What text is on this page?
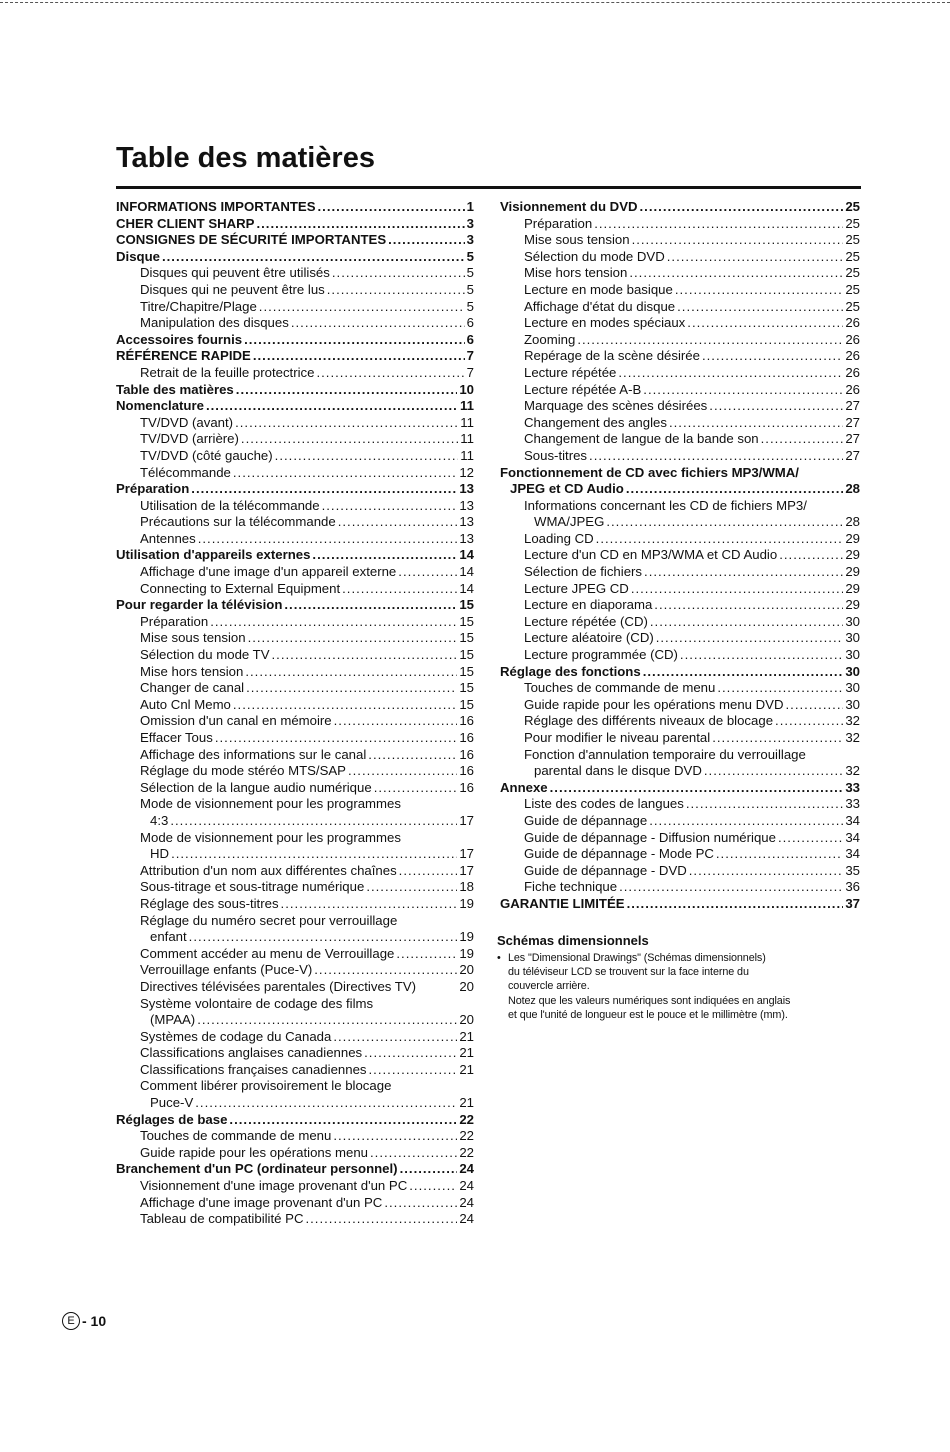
Table des matières
INFORMATIONS IMPORTANTES .....	1
CHER CLIENT SHARP .....	3
CONSIGNES DE SÉCURITÉ IMPORTANTES .....	3
Disque .....	5
Disques qui peuvent être utilisés .....	5
Disques qui ne peuvent être lus .....	5
Titre/Chapitre/Plage .....	5
Manipulation des disques .....	6
Accessoires fournis .....	6
RÉFÉRENCE RAPIDE .....	7
Retrait de la feuille protectrice .....	7
Table des matières .....	10
Nomenclature .....	11
TV/DVD (avant) .....	11
TV/DVD (arrière) .....	11
TV/DVD (côté gauche) .....	11
Télécommande .....	12
Préparation .....	13
Utilisation de la télécommande .....	13
Précautions sur la télécommande .....	13
Antennes .....	13
Utilisation d'appareils externes .....	14
Affichage d'une image d'un appareil externe .....	14
Connecting to External Equipment .....	14
Pour regarder la télévision .....	15
Préparation .....	15
Mise sous tension .....	15
Sélection du mode TV .....	15
Mise hors tension .....	15
Changer de canal .....	15
Auto Cnl Memo .....	15
Omission d'un canal en mémoire .....	16
Effacer Tous .....	16
Affichage des informations sur le canal .....	16
Réglage du mode stéréo MTS/SAP .....	16
Sélection de la langue audio numérique .....	16
Mode de visionnement pour les programmes
4:3 .....	17
Mode de visionnement pour les programmes
HD .....	17
Attribution d'un nom aux différentes chaînes .....	17
Sous-titrage et sous-titrage numérique .....	18
Réglage des sous-titres .....	19
Réglage du numéro secret pour verrouillage
enfant .....	19
Comment accéder au menu de Verrouillage .....	19
Verrouillage enfants (Puce-V) .....	20
Directives télévisées parentales (Directives TV)	20
Système volontaire de codage des films
(MPAA) .....	20
Systèmes de codage du Canada .....	21
Classifications anglaises canadiennes .....	21
Classifications françaises canadiennes .....	21
Comment libérer provisoirement le blocage
Puce-V .....	21
Réglages de base .....	22
Touches de commande de menu .....	22
Guide rapide pour les opérations menu .....	22
Branchement d'un PC (ordinateur personnel) .....	24
Visionnement d'une image provenant d'un PC .....	24
Affichage d'une image provenant d'un PC .....	24
Tableau de compatibilité PC .....	24
Visionnement du DVD .....	25
Préparation .....	25
Mise sous tension .....	25
Sélection du mode DVD .....	25
Mise hors tension .....	25
Lecture en mode basique .....	25
Affichage d'état du disque .....	25
Lecture en modes spéciaux .....	26
Zooming .....	26
Repérage de la scène désirée .....	26
Lecture répétée .....	26
Lecture répétée A-B .....	26
Marquage des scènes désirées .....	27
Changement des angles .....	27
Changement de langue de la bande son .....	27
Sous-titres .....	27
Fonctionnement de CD avec fichiers MP3/WMA/
JPEG et CD Audio .....	28
Informations concernant les CD de fichiers MP3/
WMA/JPEG .....	28
Loading CD .....	29
Lecture d'un CD en MP3/WMA et CD Audio .....	29
Sélection de fichiers .....	29
Lecture JPEG CD .....	29
Lecture en diaporama .....	29
Lecture répétée (CD) .....	30
Lecture aléatoire (CD) .....	30
Lecture programmée (CD) .....	30
Réglage des fonctions .....	30
Touches de commande de menu .....	30
Guide rapide pour les opérations menu DVD .....	30
Réglage des différents niveaux de blocage .....	32
Pour modifier le niveau parental .....	32
Fonction d'annulation temporaire du verrouillage
parental dans le disque DVD .....	32
Annexe .....	33
Liste des codes de langues .....	33
Guide de dépannage .....	34
Guide de dépannage - Diffusion numérique .....	34
Guide de dépannage - Mode PC .....	34
Guide de dépannage - DVD .....	35
Fiche technique .....	36
GARANTIE LIMITÉE .....	37
Schémas dimensionnels

• Les "Dimensional Drawings" (Schémas dimensionnels)

du téléviseur LCD se trouvent sur la face interne du

couvercle arrière.

Notez que les valeurs numériques sont indiquées en anglais

et que l'unité de longueur est le pouce et le millimètre (mm).

E - 10
